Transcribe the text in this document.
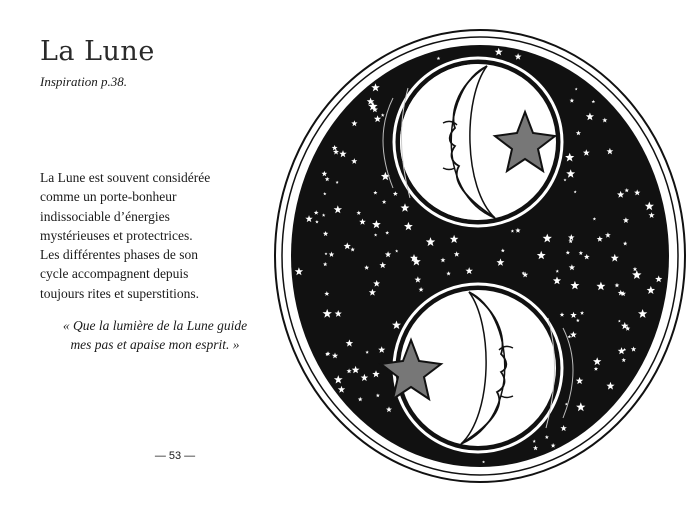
La Lune
Inspiration p.38.
La Lune est souvent considérée
comme un porte-bonheur
indissociable d’énergies
mystérieuses et protectrices.
Les différentes phases de son
cycle accompagnent depuis
toujours rites et superstitions.
« Que la lumière de la Lune guide
mes pas et apaise mon esprit. »
— 53 —
